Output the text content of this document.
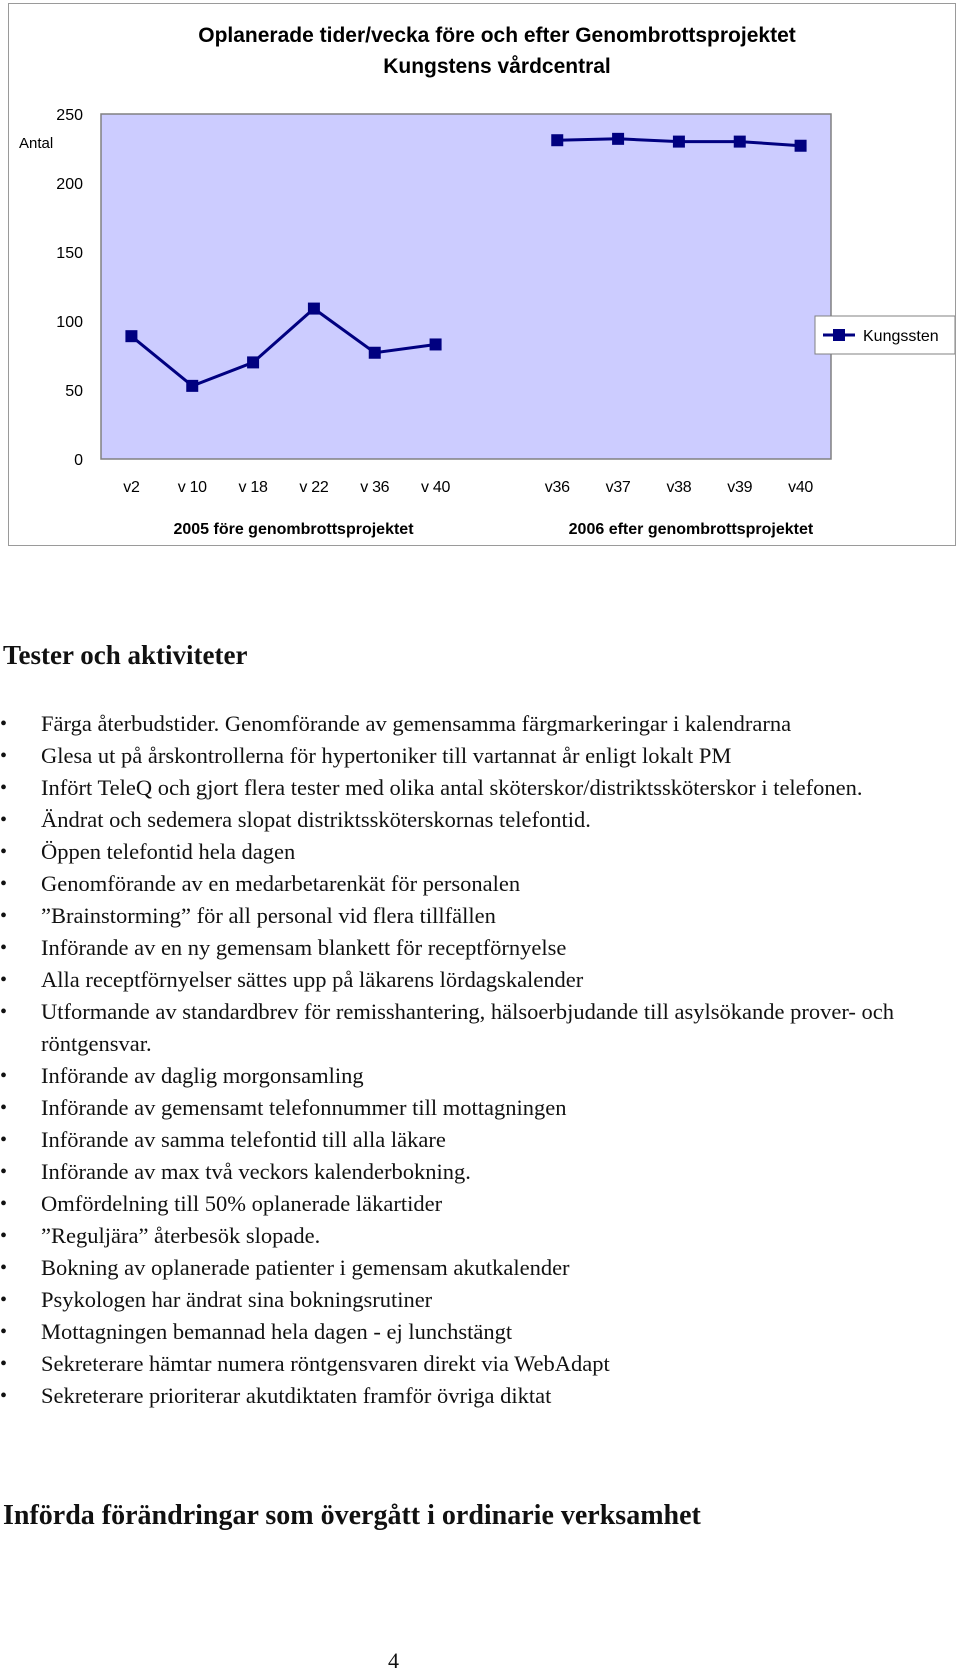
Oplanerade tider/vecka före och efter Genombrottsprojektet
Kungstens vårdcentral
Antal
0
50
100
150
200
250
v2 v 10 v 18 v 22 v 36 v 40	v36 v37 v38 v39 v40
2005 före genombrottsprojektet	2006 efter genombrottsprojektet
Kungssten
Tester och aktiviteter
• Färga återbudstider. Genomförande av gemensamma färgmarkeringar i kalendrarna
• Glesa ut på årskontrollerna för hypertoniker till vartannat år enligt lokalt PM
• Infört TeleQ och gjort flera tester med olika antal sköterskor/distriktssköterskor i telefonen.
• Ändrat och sedemera slopat distriktssköterskornas telefontid.
• Öppen telefontid hela dagen
• Genomförande av en medarbetarenkät för personalen
• ”Brainstorming” för all personal vid flera tillfällen
• Införande av en ny gemensam blankett för receptförnyelse
• Alla receptförnyelser sättes upp på läkarens lördagskalender
• Utformande av standardbrev för remisshantering, hälsoerbjudande till asylsökande prover- och röntgensvar.
• Införande av daglig morgonsamling
• Införande av gemensamt telefonnummer till mottagningen
• Införande av samma telefontid till alla läkare
• Införande av max två veckors kalenderbokning.
• Omfördelning till 50% oplanerade läkartider
• ”Reguljära” återbesök slopade.
• Bokning av oplanerade patienter i gemensam akutkalender
• Psykologen har ändrat sina bokningsrutiner
• Mottagningen bemannad hela dagen - ej lunchstängt
• Sekreterare hämtar numera röntgensvaren direkt via WebAdapt
• Sekreterare prioriterar akutdiktaten framför övriga diktat
Införda förändringar som övergått i ordinarie verksamhet
4
